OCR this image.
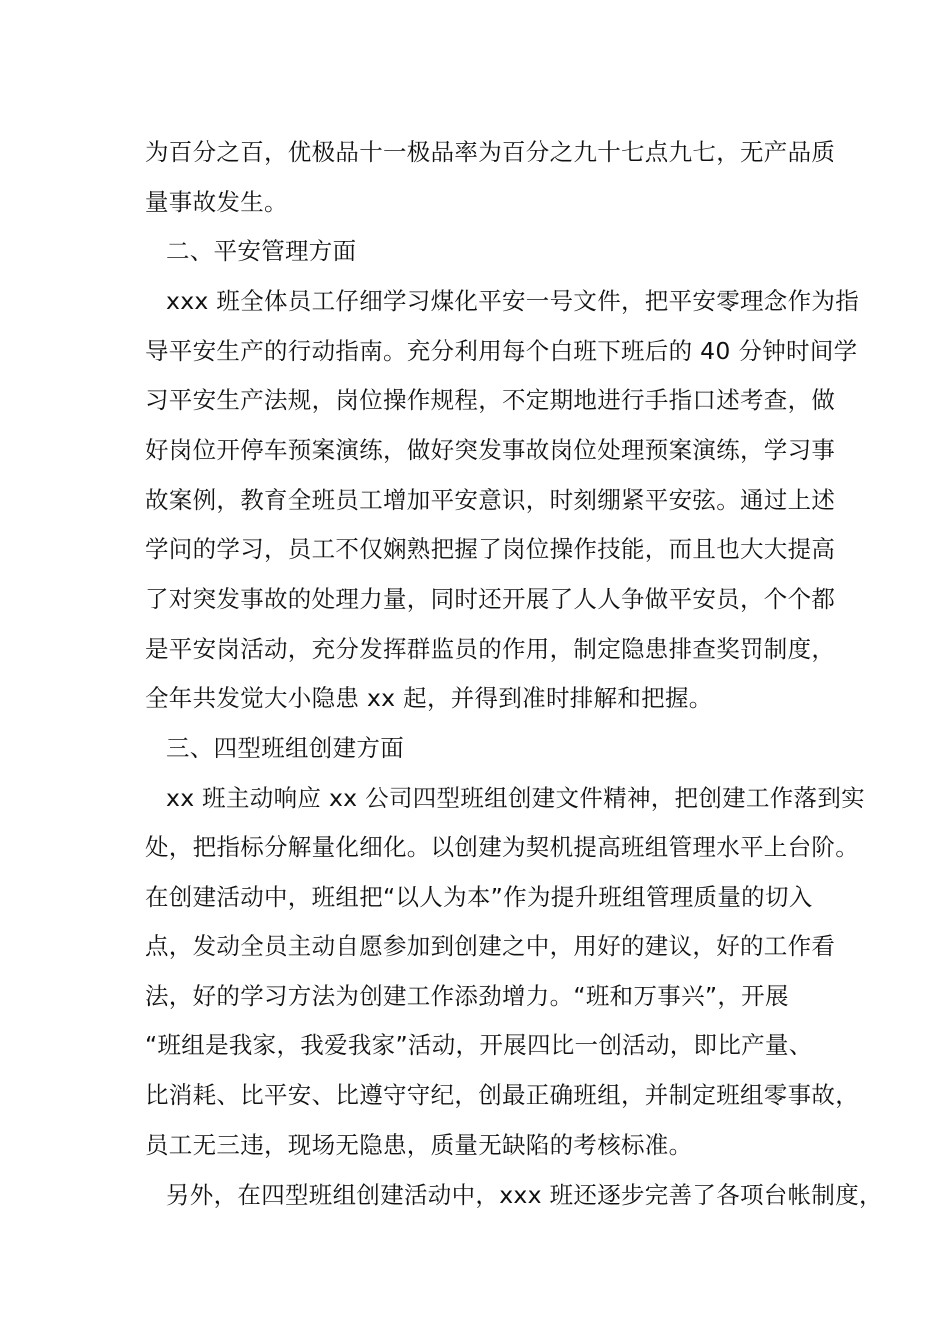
为百分之百，优极品十一极品率为百分之九十七点九七，无产品质
量事故发生。
二、平安管理方面
xxx 班全体员工仔细学习煤化平安一号文件，把平安零理念作为指
导平安生产的行动指南。充分利用每个白班下班后的 40 分钟时间学
习平安生产法规，岗位操作规程，不定期地进行手指口述考查，做
好岗位开停车预案演练，做好突发事故岗位处理预案演练，学习事
故案例，教育全班员工增加平安意识，时刻绷紧平安弦。通过上述
学问的学习，员工不仅娴熟把握了岗位操作技能，而且也大大提高
了对突发事故的处理力量，同时还开展了人人争做平安员，个个都
是平安岗活动，充分发挥群监员的作用，制定隐患排查奖罚制度，
全年共发觉大小隐患 xx 起，并得到准时排解和把握。
三、四型班组创建方面
xx 班主动响应 xx 公司四型班组创建文件精神，把创建工作落到实
处，把指标分解量化细化。以创建为契机提高班组管理水平上台阶。
在创建活动中，班组把“以人为本”作为提升班组管理质量的切入
点，发动全员主动自愿参加到创建之中，用好的建议，好的工作看
法，好的学习方法为创建工作添劲增力。“班和万事兴”，开展
“班组是我家，我爱我家”活动，开展四比一创活动，即比产量、
比消耗、比平安、比遵守守纪，创最正确班组，并制定班组零事故，
员工无三违，现场无隐患，质量无缺陷的考核标准。
另外，在四型班组创建活动中，xxx 班还逐步完善了各项台帐制度，
